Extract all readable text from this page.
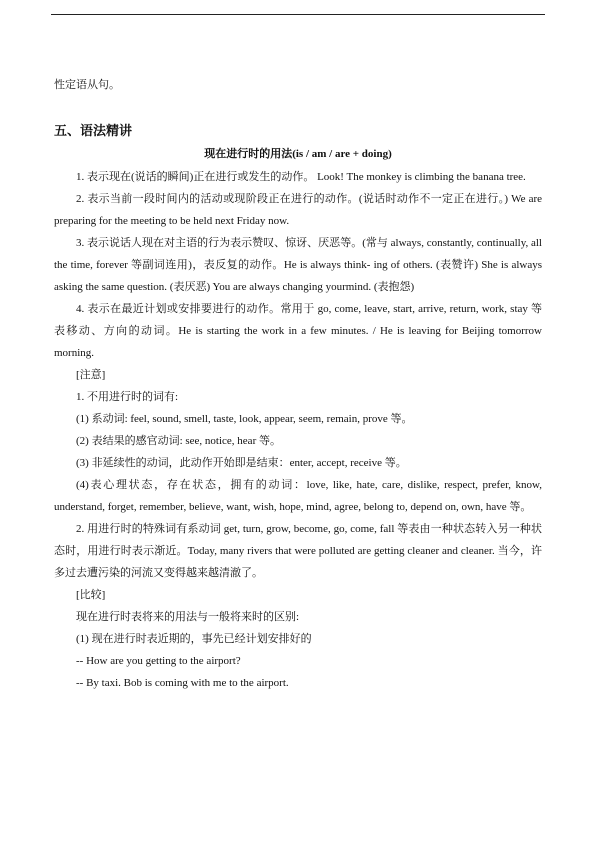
性定语从句。

五、语法精讲
现在进行时的用法(is / am / are + doing)

1. 表示现在(说话的瞬间)正在进行或发生的动作。 Look! The monkey is climbing the banana tree.

2. 表示当前一段时间内的活动或现阶段正在进行的动作。(说话时动作不一定正在进行。) We are preparing for the meeting to be held next Friday now.

3. 表示说话人现在对主语的行为表示赞叹、惊讶、厌恶等。(常与 always, constantly, continually, all the time, forever 等副词连用)，表反复的动作。He is always think- ing of others. (表赞许) She is always asking the same question. (表厌恶) You are always changing yourmind. (表抱怨)

4. 表示在最近计划或安排要进行的动作。常用于 go, come, leave, start, arrive, return, work, stay 等表移动、方向的动词。He is starting the work in a few minutes. / He is leaving for Beijing tomorrow morning.

[注意]

1. 不用进行时的词有:

(1) 系动词: feel, sound, smell, taste, look, appear, seem, remain, prove 等。

(2) 表结果的感官动词: see, notice, hear 等。

(3) 非延续性的动词，此动作开始即是结束：enter, accept, receive 等。

(4)表心理状态，存在状态，拥有的动词：love, like, hate, care, dislike, respect, prefer, know, understand, forget, remember, believe, want, wish, hope, mind, agree, belong to, depend on, own, have 等。

2. 用进行时的特殊词有系动词 get, turn, grow, become, go, come, fall 等表由一种状态转入另一种状态时，用进行时表示渐近。Today, many rivers that were polluted are getting cleaner and cleaner. 当今，许多过去遭污染的河流又变得越来越清澈了。

[比较]

现在进行时表将来的用法与一般将来时的区别:

(1) 现在进行时表近期的，事先已经计划安排好的

-- How are you getting to the airport?

-- By taxi. Bob is coming with me to the airport.
